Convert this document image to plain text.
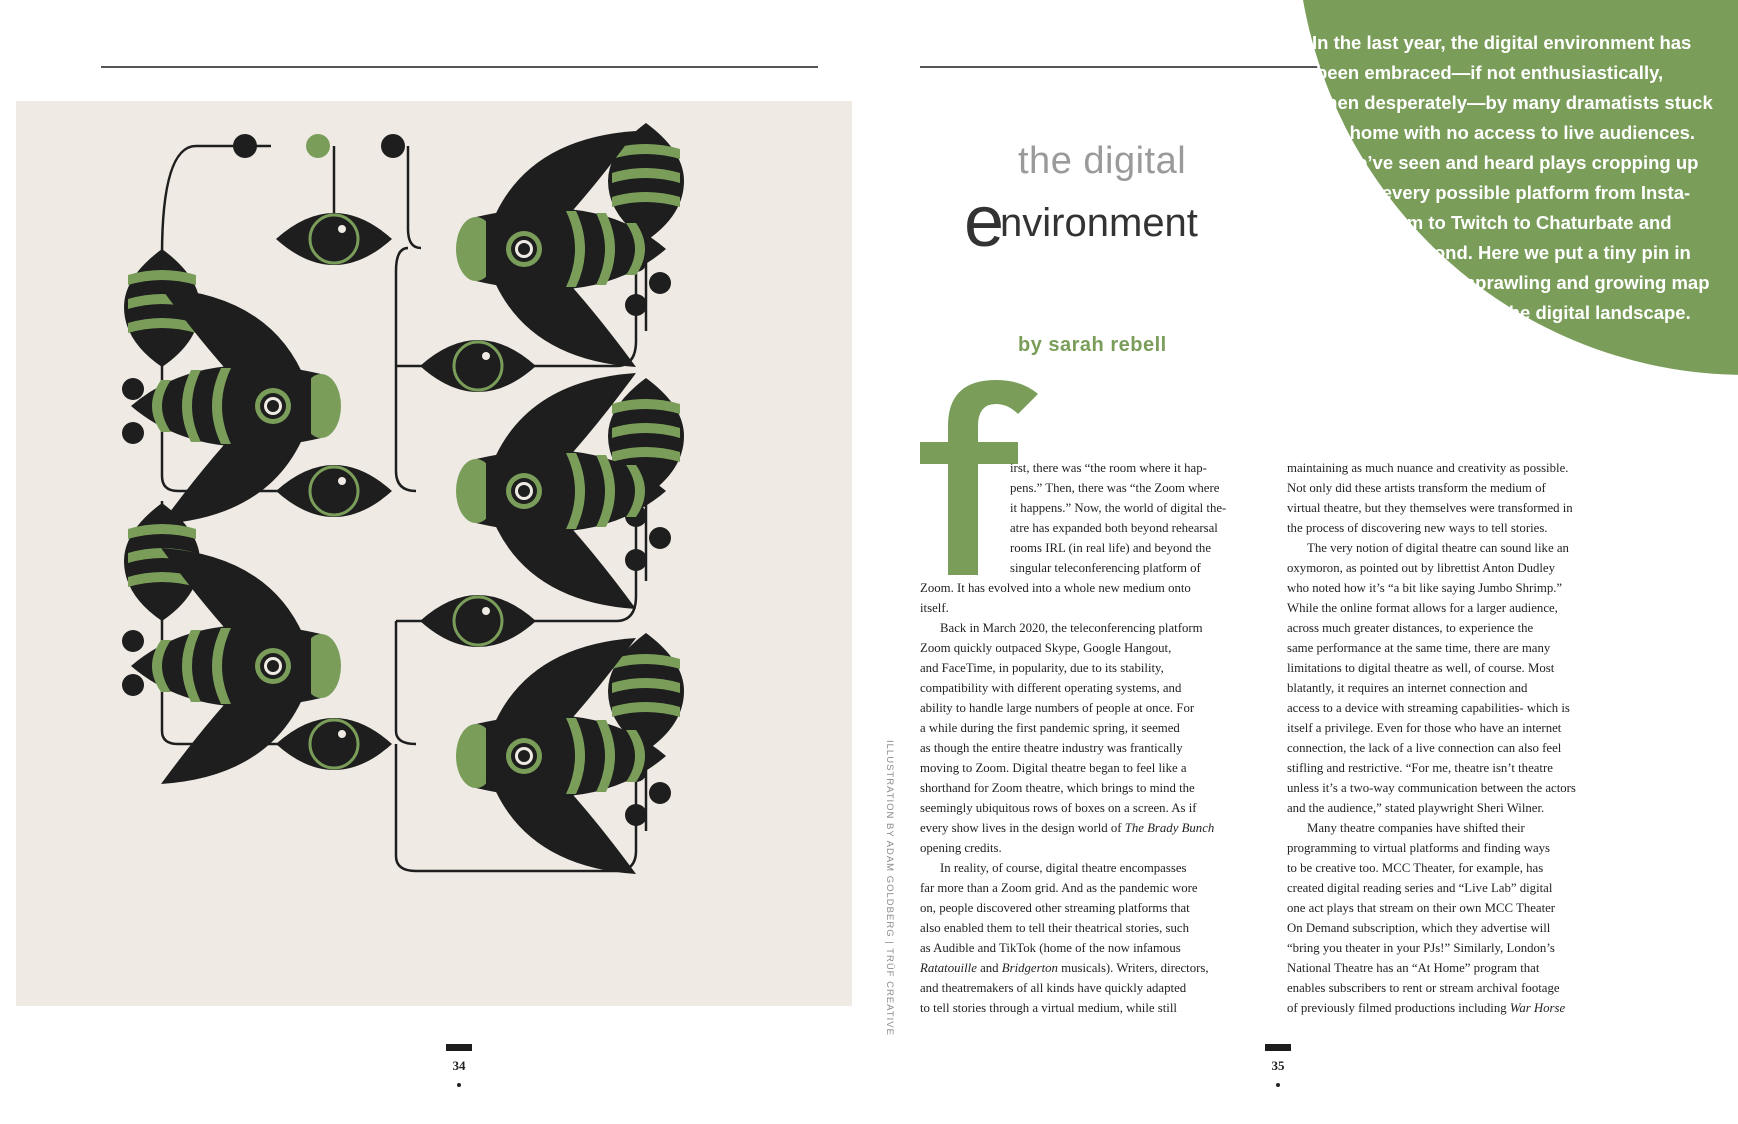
ILLUSTRATION BY ADAM GOLDBERG | TRÜF CREATIVE
In the last year, the digital environment has
been embraced—if not enthusiastically,
then desperately—by many dramatists stuck
at home with no access to live audiences.
We’ve seen and heard plays cropping up
on every possible platform from Insta-
gram to Twitch to Chaturbate and
beyond. Here we put a tiny pin in
the sprawling and growing map
of the digital landscape.
the digital
environment
by sarah rebell
irst, there was “the room where it hap-
pens.” Then, there was “the Zoom where
it happens.” Now, the world of digital the-
atre has expanded both beyond rehearsal
rooms IRL (in real life) and beyond the
singular teleconferencing platform of
Zoom. It has evolved into a whole new medium onto
itself.
Back in March 2020, the teleconferencing platform
Zoom quickly outpaced Skype, Google Hangout,
and FaceTime, in popularity, due to its stability,
compatibility with different operating systems, and
ability to handle large numbers of people at once. For
a while during the first pandemic spring, it seemed
as though the entire theatre industry was frantically
moving to Zoom. Digital theatre began to feel like a
shorthand for Zoom theatre, which brings to mind the
seemingly ubiquitous rows of boxes on a screen. As if
every show lives in the design world of The Brady Bunch
opening credits.
In reality, of course, digital theatre encompasses
far more than a Zoom grid. And as the pandemic wore
on, people discovered other streaming platforms that
also enabled them to tell their theatrical stories, such
as Audible and TikTok (home of the now infamous
Ratatouille and Bridgerton musicals). Writers, directors,
and theatremakers of all kinds have quickly adapted
to tell stories through a virtual medium, while still
maintaining as much nuance and creativity as possible.
Not only did these artists transform the medium of
virtual theatre, but they themselves were transformed in
the process of discovering new ways to tell stories.
The very notion of digital theatre can sound like an
oxymoron, as pointed out by librettist Anton Dudley
who noted how it’s “a bit like saying Jumbo Shrimp.”
While the online format allows for a larger audience,
across much greater distances, to experience the
same performance at the same time, there are many
limitations to digital theatre as well, of course. Most
blatantly, it requires an internet connection and
access to a device with streaming capabilities- which is
itself a privilege. Even for those who have an internet
connection, the lack of a live connection can also feel
stifling and restrictive. “For me, theatre isn’t theatre
unless it’s a two-way communication between the actors
and the audience,” stated playwright Sheri Wilner.
Many theatre companies have shifted their
programming to virtual platforms and finding ways
to be creative too. MCC Theater, for example, has
created digital reading series and “Live Lab” digital
one act plays that stream on their own MCC Theater
On Demand subscription, which they advertise will
“bring you theater in your PJs!” Similarly, London’s
National Theatre has an “At Home” program that
enables subscribers to rent or stream archival footage
of previously filmed productions including War Horse
34	35
